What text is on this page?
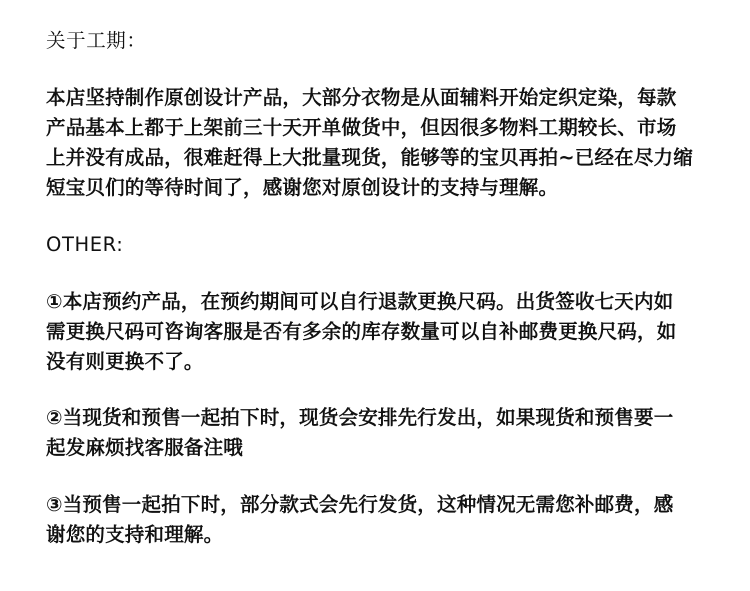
关于工期：
本店坚持制作原创设计产品，大部分衣物是从面辅料开始定织定染，每款
产品基本上都于上架前三十天开单做货中，但因很多物料工期较长、市场
上并没有成品，很难赶得上大批量现货，能够等的宝贝再拍~已经在尽力缩
短宝贝们的等待时间了，感谢您对原创设计的支持与理解。
OTHER:
①本店预约产品，在预约期间可以自行退款更换尺码。出货签收七天内如
需更换尺码可咨询客服是否有多余的库存数量可以自补邮费更换尺码，如
没有则更换不了。
②当现货和预售一起拍下时，现货会安排先行发出，如果现货和预售要一
起发麻烦找客服备注哦
③当预售一起拍下时，部分款式会先行发货，这种情况无需您补邮费，感
谢您的支持和理解。
